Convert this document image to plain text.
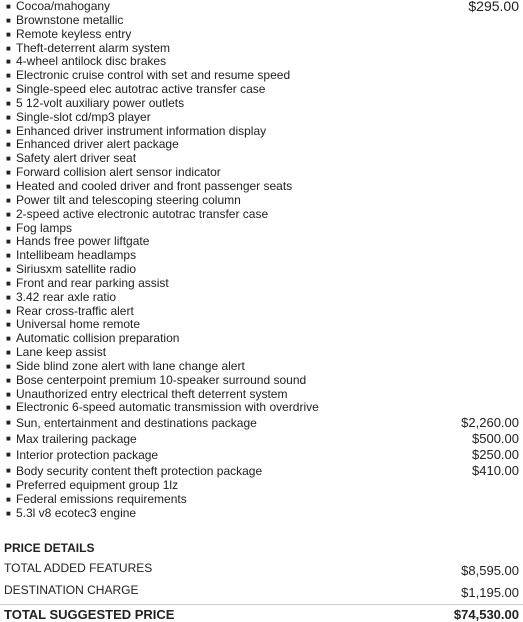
■ Cocoa/mahogany	$295.00
■ Brownstone metallic
■ Remote keyless entry
■ Theft-deterrent alarm system
■ 4-wheel antilock disc brakes
■ Electronic cruise control with set and resume speed
■ Single-speed elec autotrac active transfer case
■ 5 12-volt auxiliary power outlets
■ Single-slot cd/mp3 player
■ Enhanced driver instrument information display
■ Enhanced driver alert package
■ Safety alert driver seat
■ Forward collision alert sensor indicator
■ Heated and cooled driver and front passenger seats
■ Power tilt and telescoping steering column
■ 2-speed active electronic autotrac transfer case
■ Fog lamps
■ Hands free power liftgate
■ Intellibeam headlamps
■ Siriusxm satellite radio
■ Front and rear parking assist
■ 3.42 rear axle ratio
■ Rear cross-traffic alert
■ Universal home remote
■ Automatic collision preparation
■ Lane keep assist
■ Side blind zone alert with lane change alert
■ Bose centerpoint premium 10-speaker surround sound
■ Unauthorized entry electrical theft deterrent system
■ Electronic 6-speed automatic transmission with overdrive
■ Sun, entertainment and destinations package	$2,260.00
■ Max trailering package	$500.00
■ Interior protection package	$250.00
■ Body security content theft protection package	$410.00
■ Preferred equipment group 1lz
■ Federal emissions requirements
■ 5.3l v8 ecotec3 engine
PRICE DETAILS
TOTAL ADDED FEATURES	$8,595.00
DESTINATION CHARGE	$1,195.00
TOTAL SUGGESTED PRICE	$74,530.00
